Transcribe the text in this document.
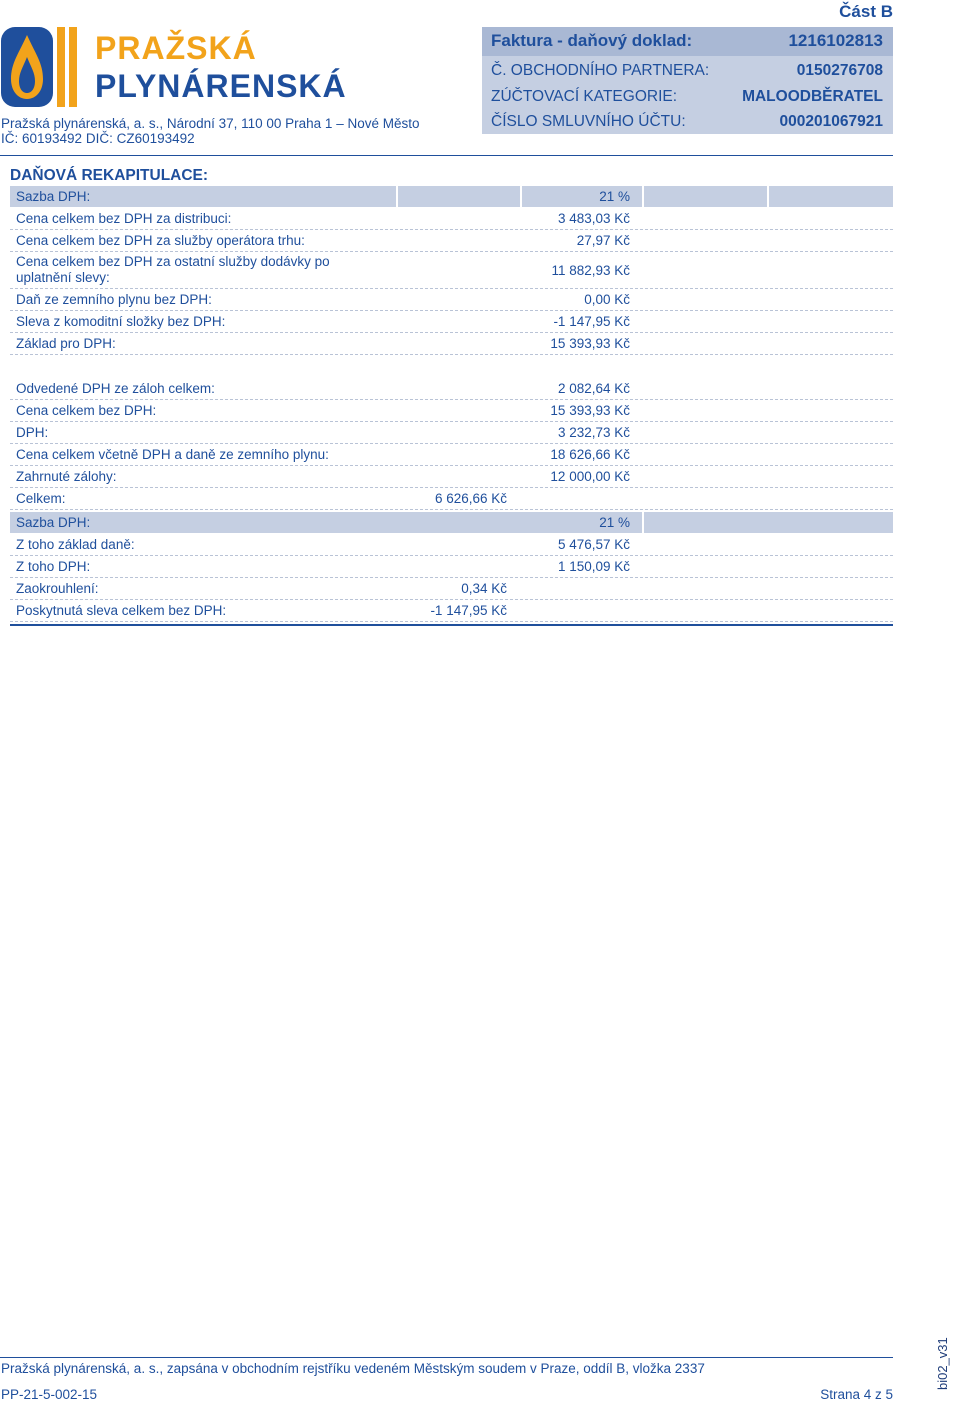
Část B
PRAŽSKÁ
PLYNÁRENSKÁ
Pražská plynárenská, a. s., Národní 37, 110 00 Praha 1 – Nové Město
IČ: 60193492 DIČ: CZ60193492
Faktura - daňový doklad:	1216102813
Č. OBCHODNÍHO PARTNERA:	0150276708
ZÚČTOVACÍ KATEGORIE:	MALOODBĚRATEL
ČÍSLO SMLUVNÍHO ÚČTU:	000201067921
DAŇOVÁ REKAPITULACE:
Sazba DPH:	21 %
Cena celkem bez DPH za distribuci:	3 483,03 Kč
Cena celkem bez DPH za služby operátora trhu:	27,97 Kč
Cena celkem bez DPH za ostatní služby dodávky po
uplatnění slevy:	11 882,93 Kč
Daň ze zemního plynu bez DPH:	0,00 Kč
Sleva z komoditní složky bez DPH:	-1 147,95 Kč
Základ pro DPH:	15 393,93 Kč
Odvedené DPH ze záloh celkem:	2 082,64 Kč
Cena celkem bez DPH:	15 393,93 Kč
DPH:	3 232,73 Kč
Cena celkem včetně DPH a daně ze zemního plynu:	18 626,66 Kč
Zahrnuté zálohy:	12 000,00 Kč
Celkem:	6 626,66 Kč
Sazba DPH:	21 %
Z toho základ daně:	5 476,57 Kč
Z toho DPH:	1 150,09 Kč
Zaokrouhlení:	0,34 Kč
Poskytnutá sleva celkem bez DPH:	-1 147,95 Kč
Pražská plynárenská, a. s., zapsána v obchodním rejstříku vedeném Městským soudem v Praze, oddíl B, vložka 2337
PP-21-5-002-15	Strana 4 z 5
bi02_v31
